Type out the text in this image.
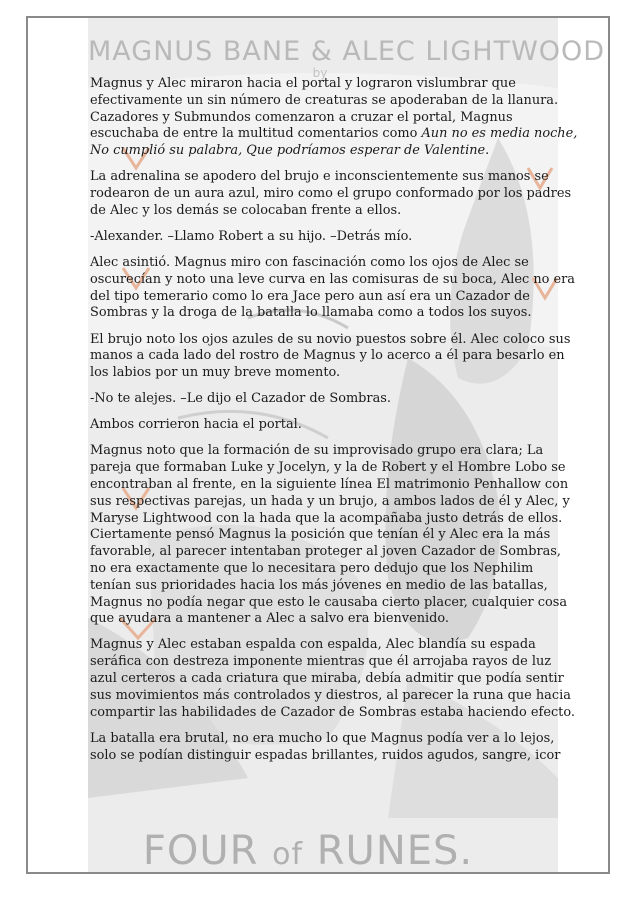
MAGNUS BANE & ALEC LIGHTWOOD
by
FOUR of RUNES.

Magnus y Alec miraron hacia el portal y lograron vislumbrar que efectivamente un sin número de creaturas se apoderaban de la llanura. Cazadores y Submundos comenzaron a cruzar el portal, Magnus escuchaba de entre la multitud comentarios como Aun no es media noche, No cumplió su palabra, Que podríamos esperar de Valentine.

La adrenalina se apodero del brujo e inconscientemente sus manos se rodearon de un aura azul, miro como el grupo conformado por los padres de Alec y los demás se colocaban frente a ellos.

-Alexander. –Llamo Robert a su hijo. –Detrás mío.

Alec asintió. Magnus miro con fascinación como los ojos de Alec se oscurecían y noto una leve curva en las comisuras de su boca, Alec no era del tipo temerario como lo era Jace pero aun así era un Cazador de Sombras y la droga de la batalla lo llamaba como a todos los suyos.

El brujo noto los ojos azules de su novio puestos sobre él. Alec coloco sus manos a cada lado del rostro de Magnus y lo acerco a él para besarlo en los labios por un muy breve momento.

-No te alejes. –Le dijo el Cazador de Sombras.

Ambos corrieron hacia el portal.

Magnus noto que la formación de su improvisado grupo era clara; La pareja que formaban Luke y Jocelyn, y la de Robert y el Hombre Lobo se encontraban al frente, en la siguiente línea El matrimonio Penhallow con sus respectivas parejas, un hada y un brujo, a ambos lados de él y Alec, y Maryse Lightwood con la hada que la acompañaba justo detrás de ellos. Ciertamente pensó Magnus la posición que tenían él y Alec era la más favorable, al parecer intentaban proteger al joven Cazador de Sombras, no era exactamente que lo necesitara pero dedujo que los Nephilim tenían sus prioridades hacia los más jóvenes en medio de las batallas, Magnus no podía negar que esto le causaba cierto placer, cualquier cosa que ayudara a mantener a Alec a salvo era bienvenido.

Magnus y Alec estaban espalda con espalda, Alec blandía su espada seráfica con destreza imponente mientras que él arrojaba rayos de luz azul certeros a cada criatura que miraba, debía admitir que podía sentir sus movimientos más controlados y diestros, al parecer la runa que hacia compartir las habilidades de Cazador de Sombras estaba haciendo efecto.

La batalla era brutal, no era mucho lo que Magnus podía ver a lo lejos, solo se podían distinguir espadas brillantes, ruidos agudos, sangre, icor
